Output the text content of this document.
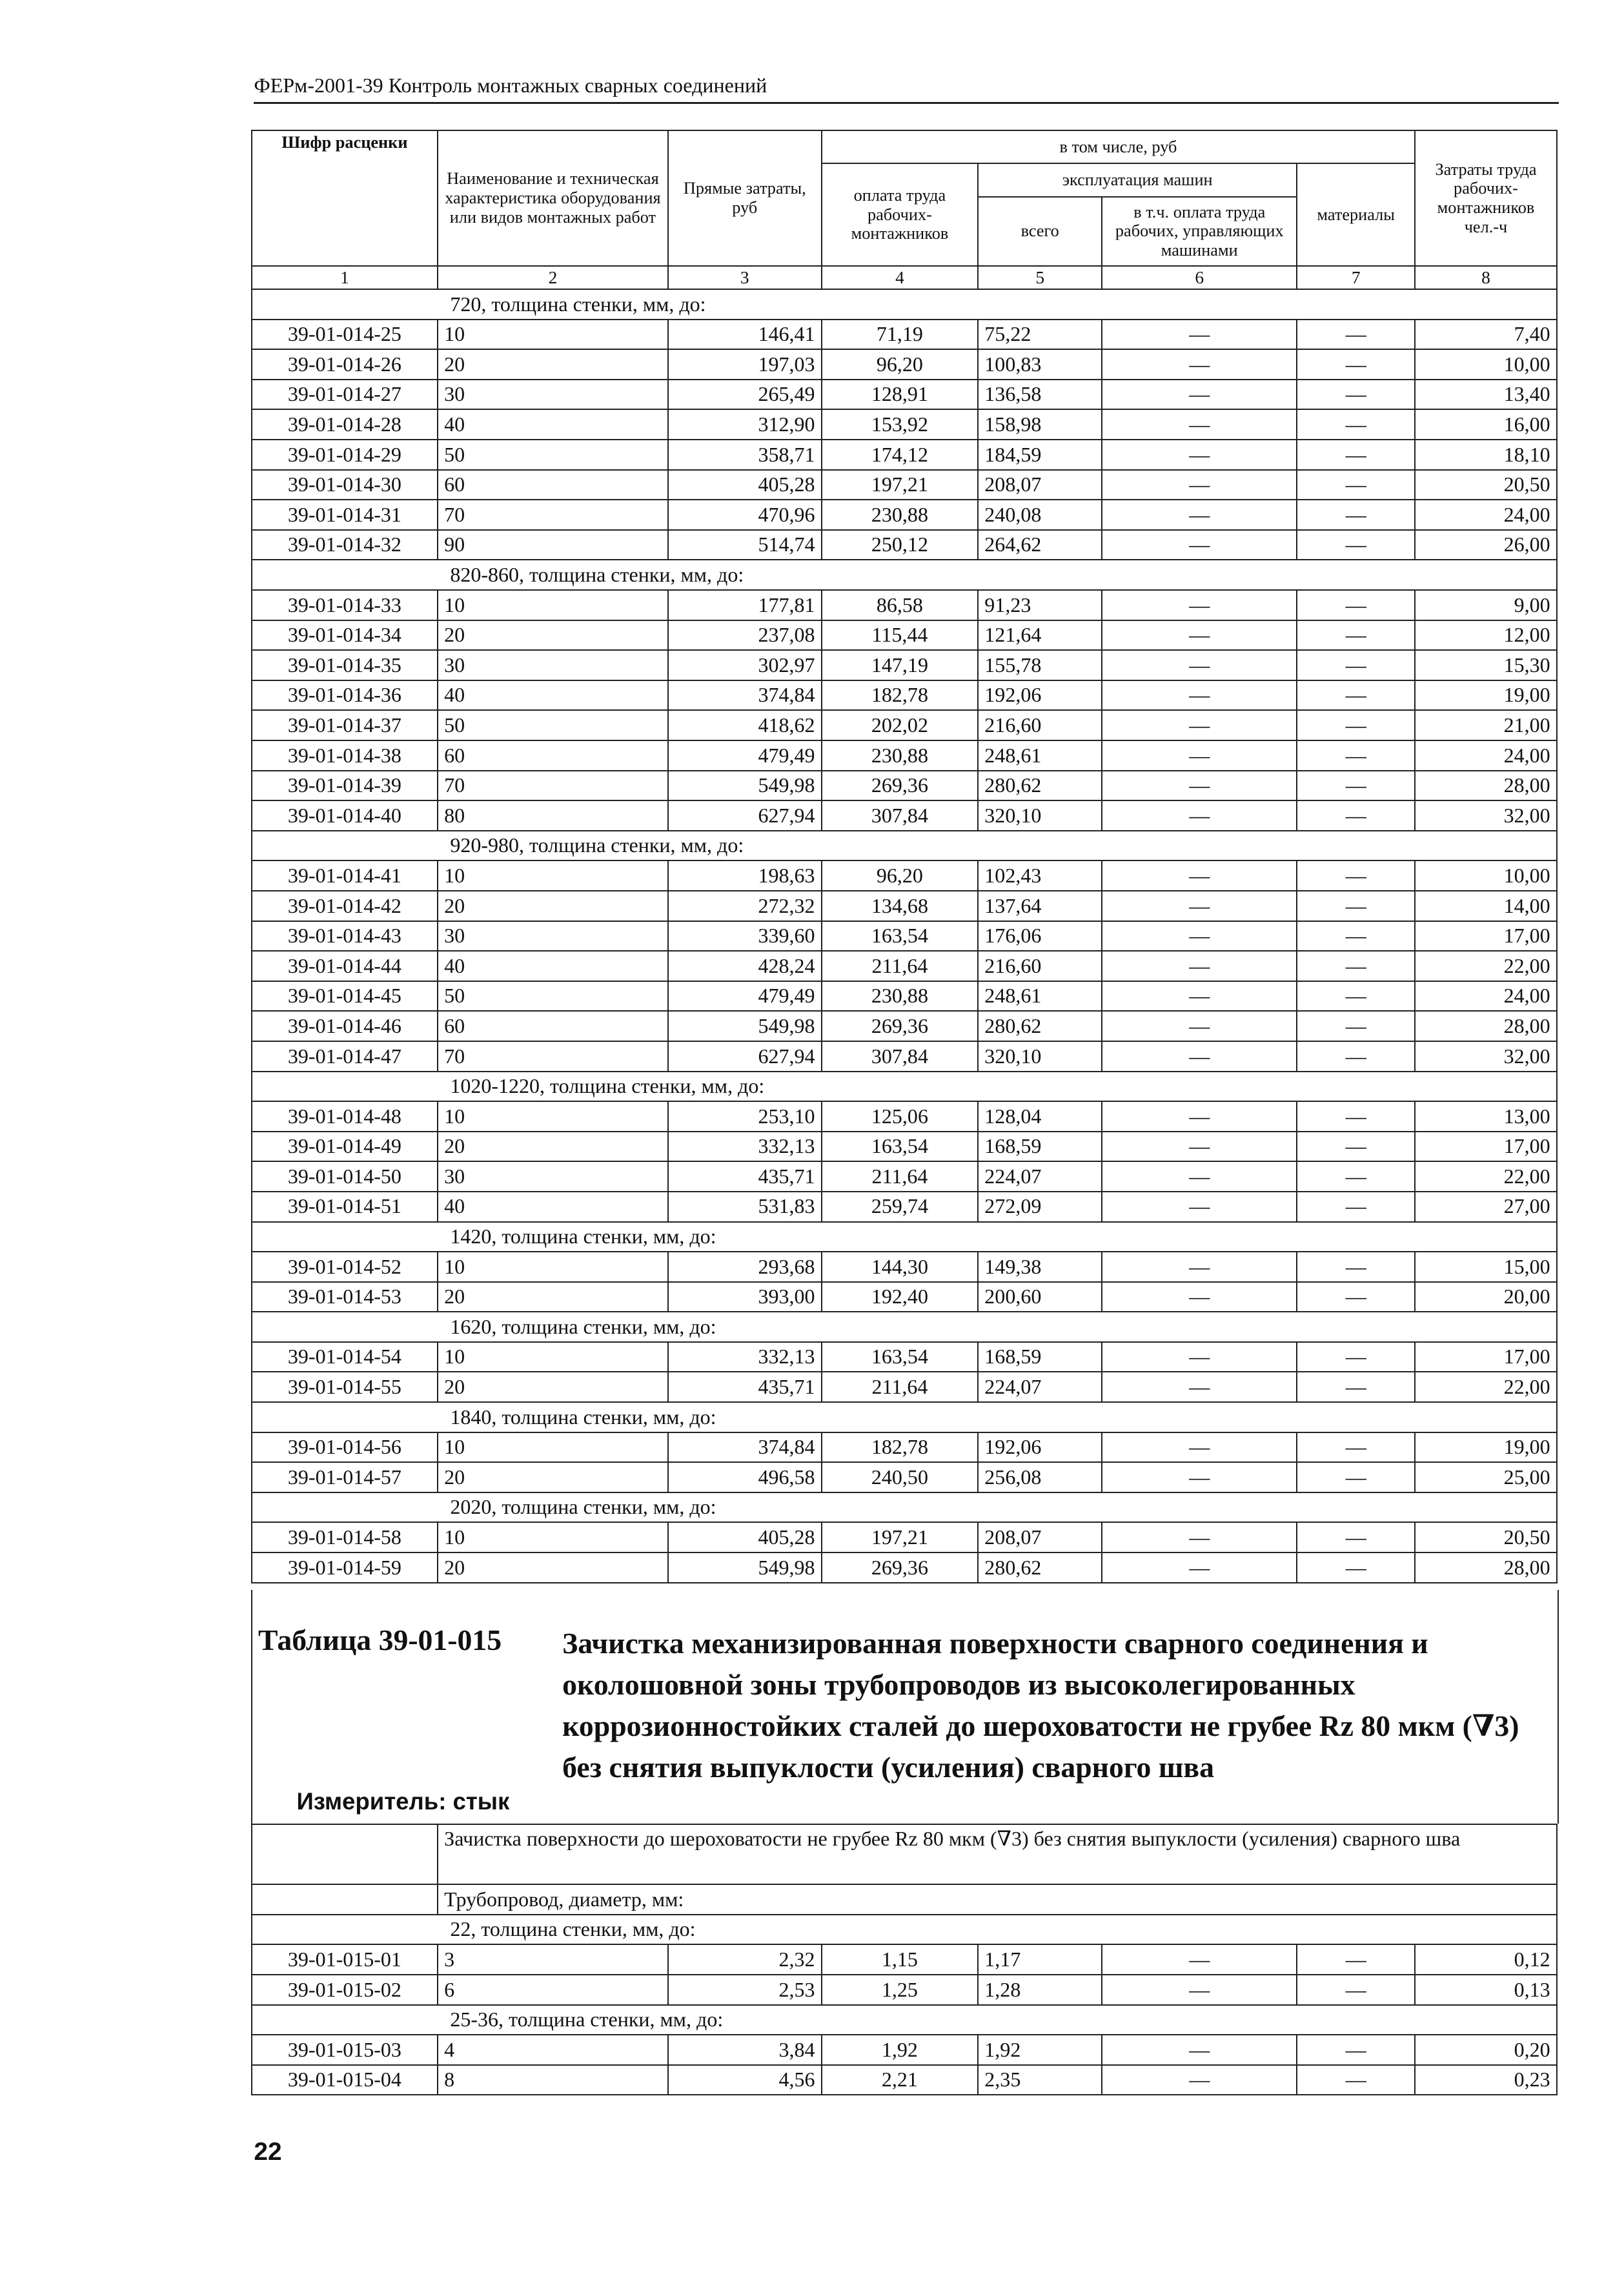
ФЕРм-2001-39 Контроль монтажных сварных соединений
Шифр расценки	Наименование и техническая характеристика оборудования или видов монтажных работ	Прямые затраты, руб	в том числе, руб				Затраты труда рабочих-монтажников чел.-ч
			оплата труда рабочих-монтажников	эксплуатация машин		материалы	
				всего	в т.ч. оплата труда рабочих, управляющих машинами		
1	2	3	4	5	6	7	8
720, толщина стенки, мм, до:							
39-01-014-25	10	146,41	71,19	75,22	—	—	7,40
39-01-014-26	20	197,03	96,20	100,83	—	—	10,00
39-01-014-27	30	265,49	128,91	136,58	—	—	13,40
39-01-014-28	40	312,90	153,92	158,98	—	—	16,00
39-01-014-29	50	358,71	174,12	184,59	—	—	18,10
39-01-014-30	60	405,28	197,21	208,07	—	—	20,50
39-01-014-31	70	470,96	230,88	240,08	—	—	24,00
39-01-014-32	90	514,74	250,12	264,62	—	—	26,00
820-860, толщина стенки, мм, до:							
39-01-014-33	10	177,81	86,58	91,23	—	—	9,00
39-01-014-34	20	237,08	115,44	121,64	—	—	12,00
39-01-014-35	30	302,97	147,19	155,78	—	—	15,30
39-01-014-36	40	374,84	182,78	192,06	—	—	19,00
39-01-014-37	50	418,62	202,02	216,60	—	—	21,00
39-01-014-38	60	479,49	230,88	248,61	—	—	24,00
39-01-014-39	70	549,98	269,36	280,62	—	—	28,00
39-01-014-40	80	627,94	307,84	320,10	—	—	32,00
920-980, толщина стенки, мм, до:							
39-01-014-41	10	198,63	96,20	102,43	—	—	10,00
39-01-014-42	20	272,32	134,68	137,64	—	—	14,00
39-01-014-43	30	339,60	163,54	176,06	—	—	17,00
39-01-014-44	40	428,24	211,64	216,60	—	—	22,00
39-01-014-45	50	479,49	230,88	248,61	—	—	24,00
39-01-014-46	60	549,98	269,36	280,62	—	—	28,00
39-01-014-47	70	627,94	307,84	320,10	—	—	32,00
1020-1220, толщина стенки, мм, до:							
39-01-014-48	10	253,10	125,06	128,04	—	—	13,00
39-01-014-49	20	332,13	163,54	168,59	—	—	17,00
39-01-014-50	30	435,71	211,64	224,07	—	—	22,00
39-01-014-51	40	531,83	259,74	272,09	—	—	27,00
1420, толщина стенки, мм, до:							
39-01-014-52	10	293,68	144,30	149,38	—	—	15,00
39-01-014-53	20	393,00	192,40	200,60	—	—	20,00
1620, толщина стенки, мм, до:							
39-01-014-54	10	332,13	163,54	168,59	—	—	17,00
39-01-014-55	20	435,71	211,64	224,07	—	—	22,00
1840, толщина стенки, мм, до:							
39-01-014-56	10	374,84	182,78	192,06	—	—	19,00
39-01-014-57	20	496,58	240,50	256,08	—	—	25,00
2020, толщина стенки, мм, до:							
39-01-014-58	10	405,28	197,21	208,07	—	—	20,50
39-01-014-59	20	549,98	269,36	280,62	—	—	28,00

Таблица 39-01-015	Зачистка механизированная поверхности сварного соединения и околошовной зоны трубопроводов из высоколегированных коррозионностойких сталей до шероховатости не грубее Rz 80 мкм (∇3) без снятия выпуклости (усиления) сварного шва
Измеритель: стык
	Зачистка поверхности до шероховатости не грубее Rz 80 мкм (∇3) без снятия выпуклости (усиления) сварного шва						
	Трубопровод, диаметр, мм:						
22, толщина стенки, мм, до:							
39-01-015-01	3	2,32	1,15	1,17	—	—	0,12
39-01-015-02	6	2,53	1,25	1,28	—	—	0,13
25-36, толщина стенки, мм, до:							
39-01-015-03	4	3,84	1,92	1,92	—	—	0,20
39-01-015-04	8	4,56	2,21	2,35	—	—	0,23
22
